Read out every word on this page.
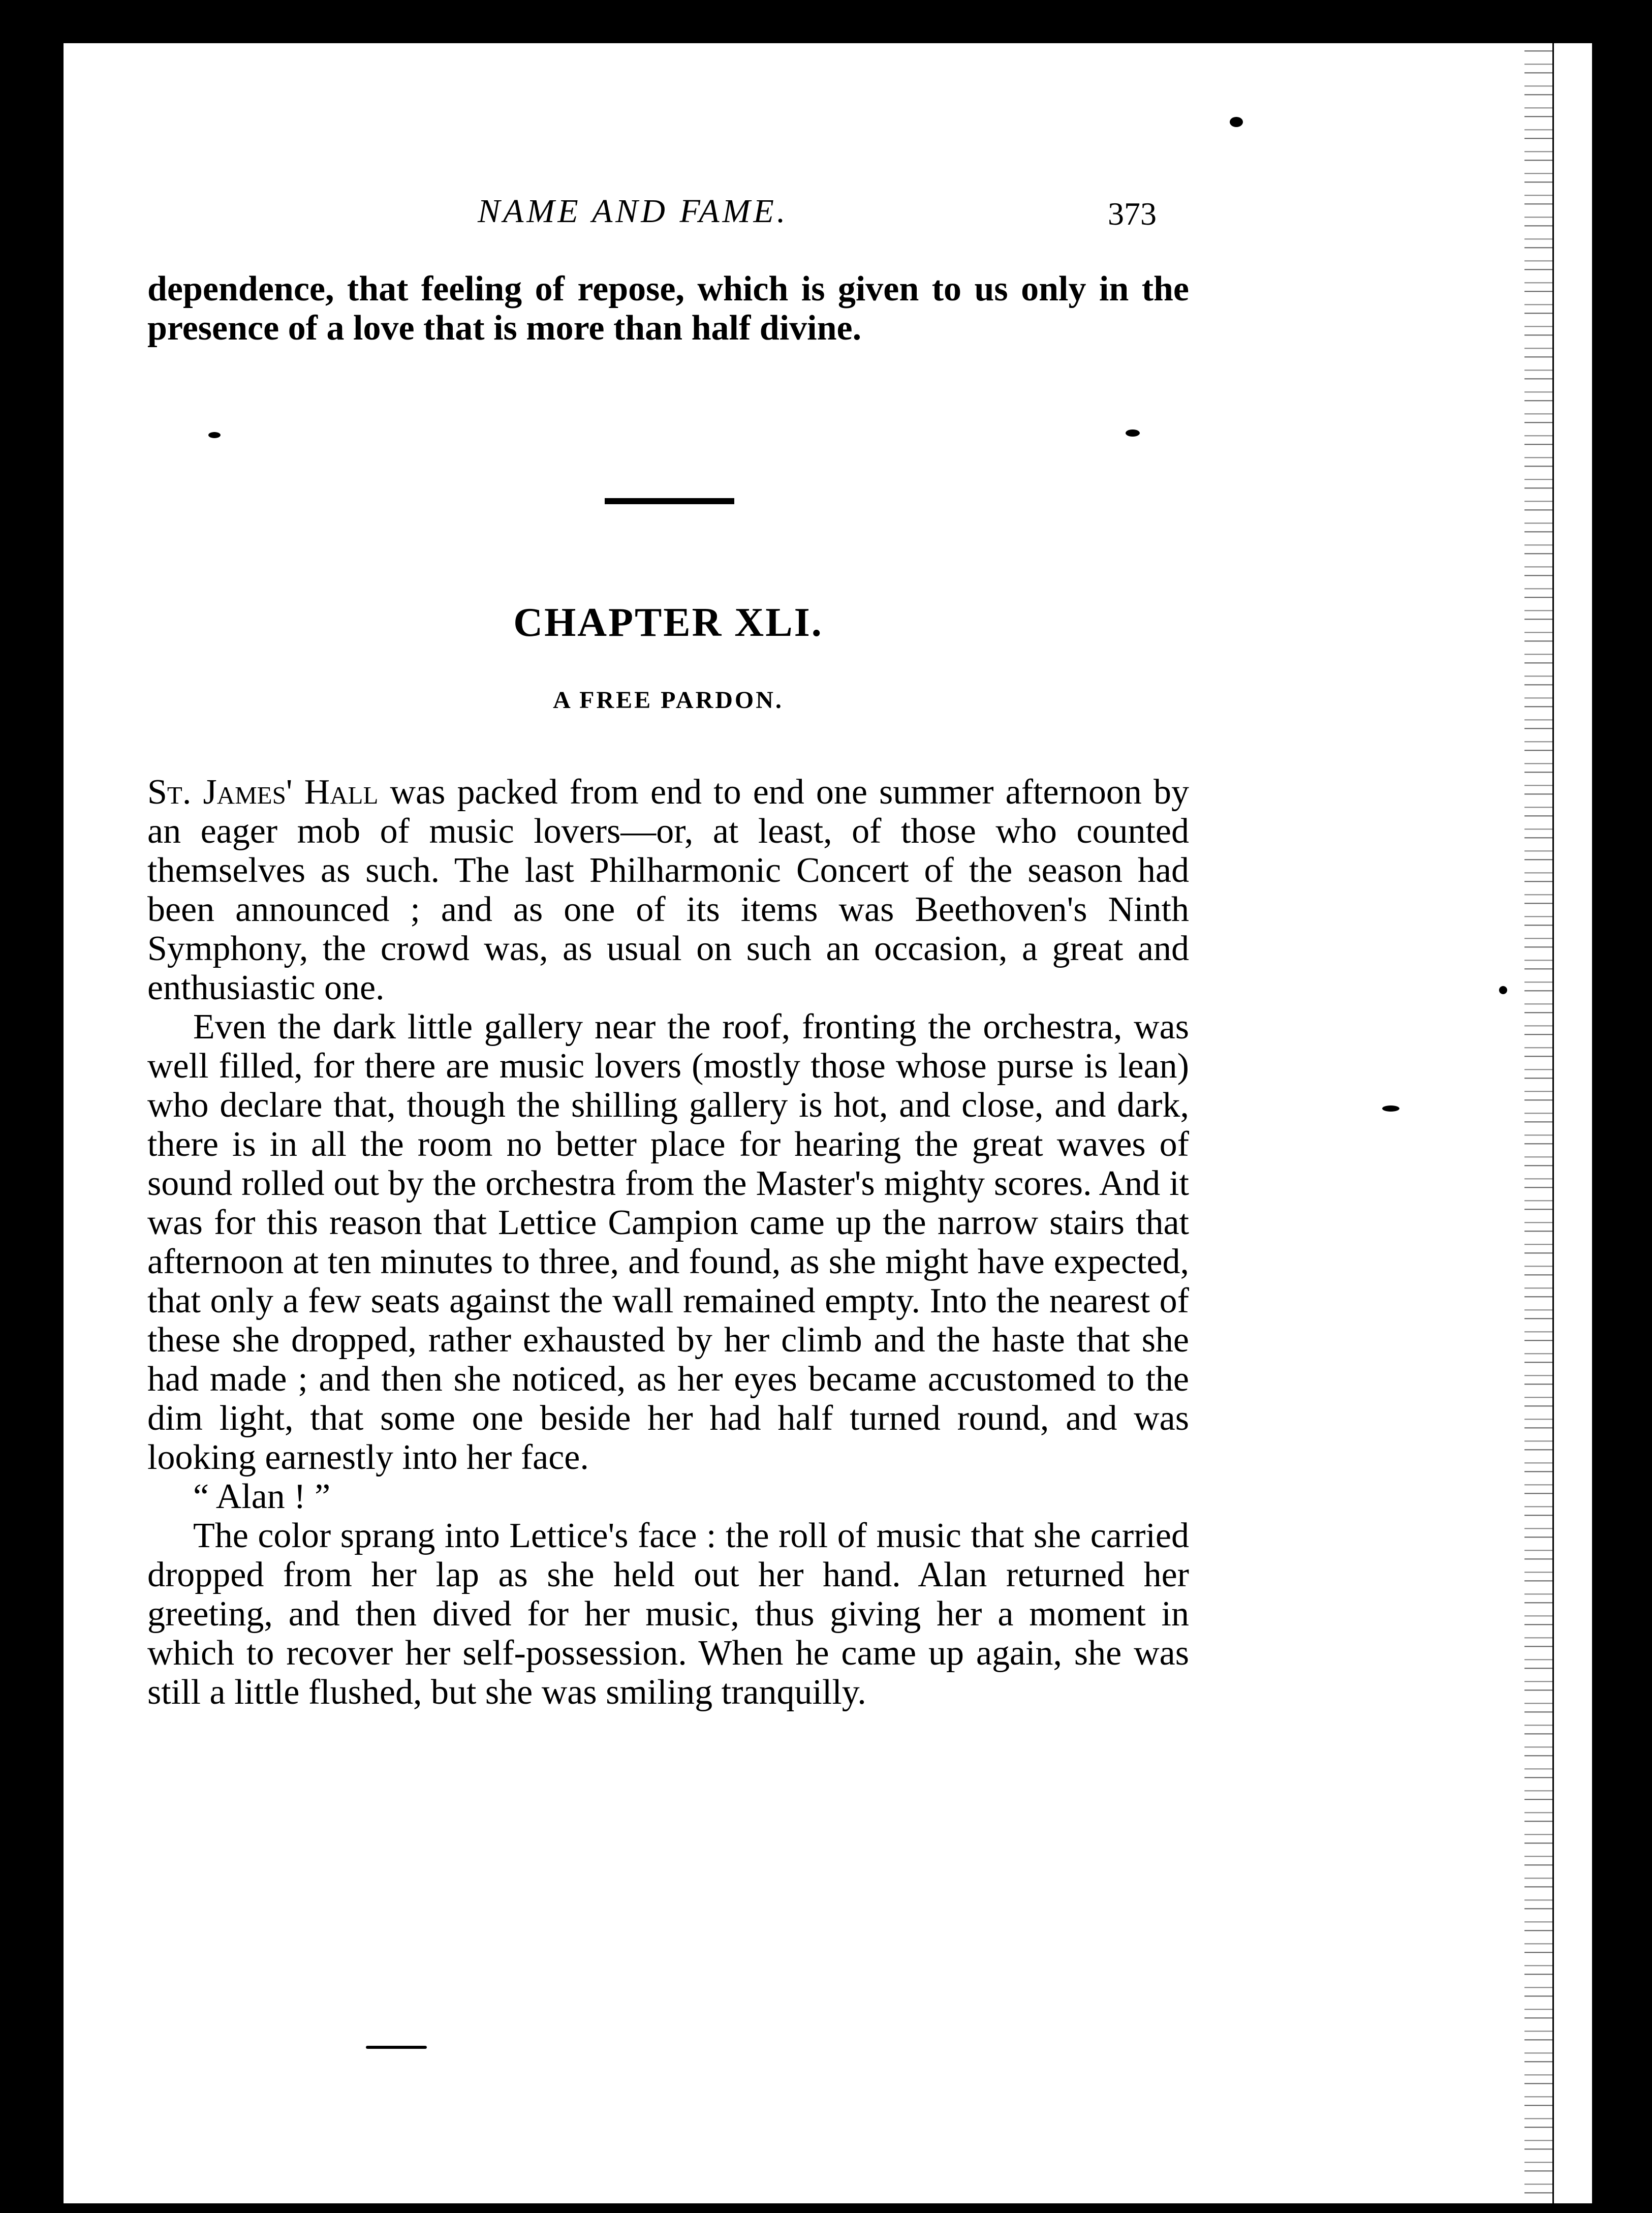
NAME AND FAME.	373

dependence, that feeling of repose, which is given to us only in the presence of a love that is more than half divine.

CHAPTER XLI.
A FREE PARDON.

St. James' Hall was packed from end to end one summer afternoon by an eager mob of music lovers—or, at least, of those who counted themselves as such. The last Philharmonic Concert of the season had been announced ; and as one of its items was Beethoven's Ninth Symphony, the crowd was, as usual on such an occasion, a great and enthusiastic one.

Even the dark little gallery near the roof, fronting the orchestra, was well filled, for there are music lovers (mostly those whose purse is lean) who declare that, though the shilling gallery is hot, and close, and dark, there is in all the room no better place for hearing the great waves of sound rolled out by the orchestra from the Master's mighty scores. And it was for this reason that Lettice Campion came up the narrow stairs that afternoon at ten minutes to three, and found, as she might have expected, that only a few seats against the wall remained empty. Into the nearest of these she dropped, rather exhausted by her climb and the haste that she had made ; and then she noticed, as her eyes became accustomed to the dim light, that some one beside her had half turned round, and was looking earnestly into her face.

“ Alan ! ”

The color sprang into Lettice's face : the roll of music that she carried dropped from her lap as she held out her hand. Alan returned her greeting, and then dived for her music, thus giving her a moment in which to recover her self-possession. When he came up again, she was still a little flushed, but she was smiling tranquilly.
